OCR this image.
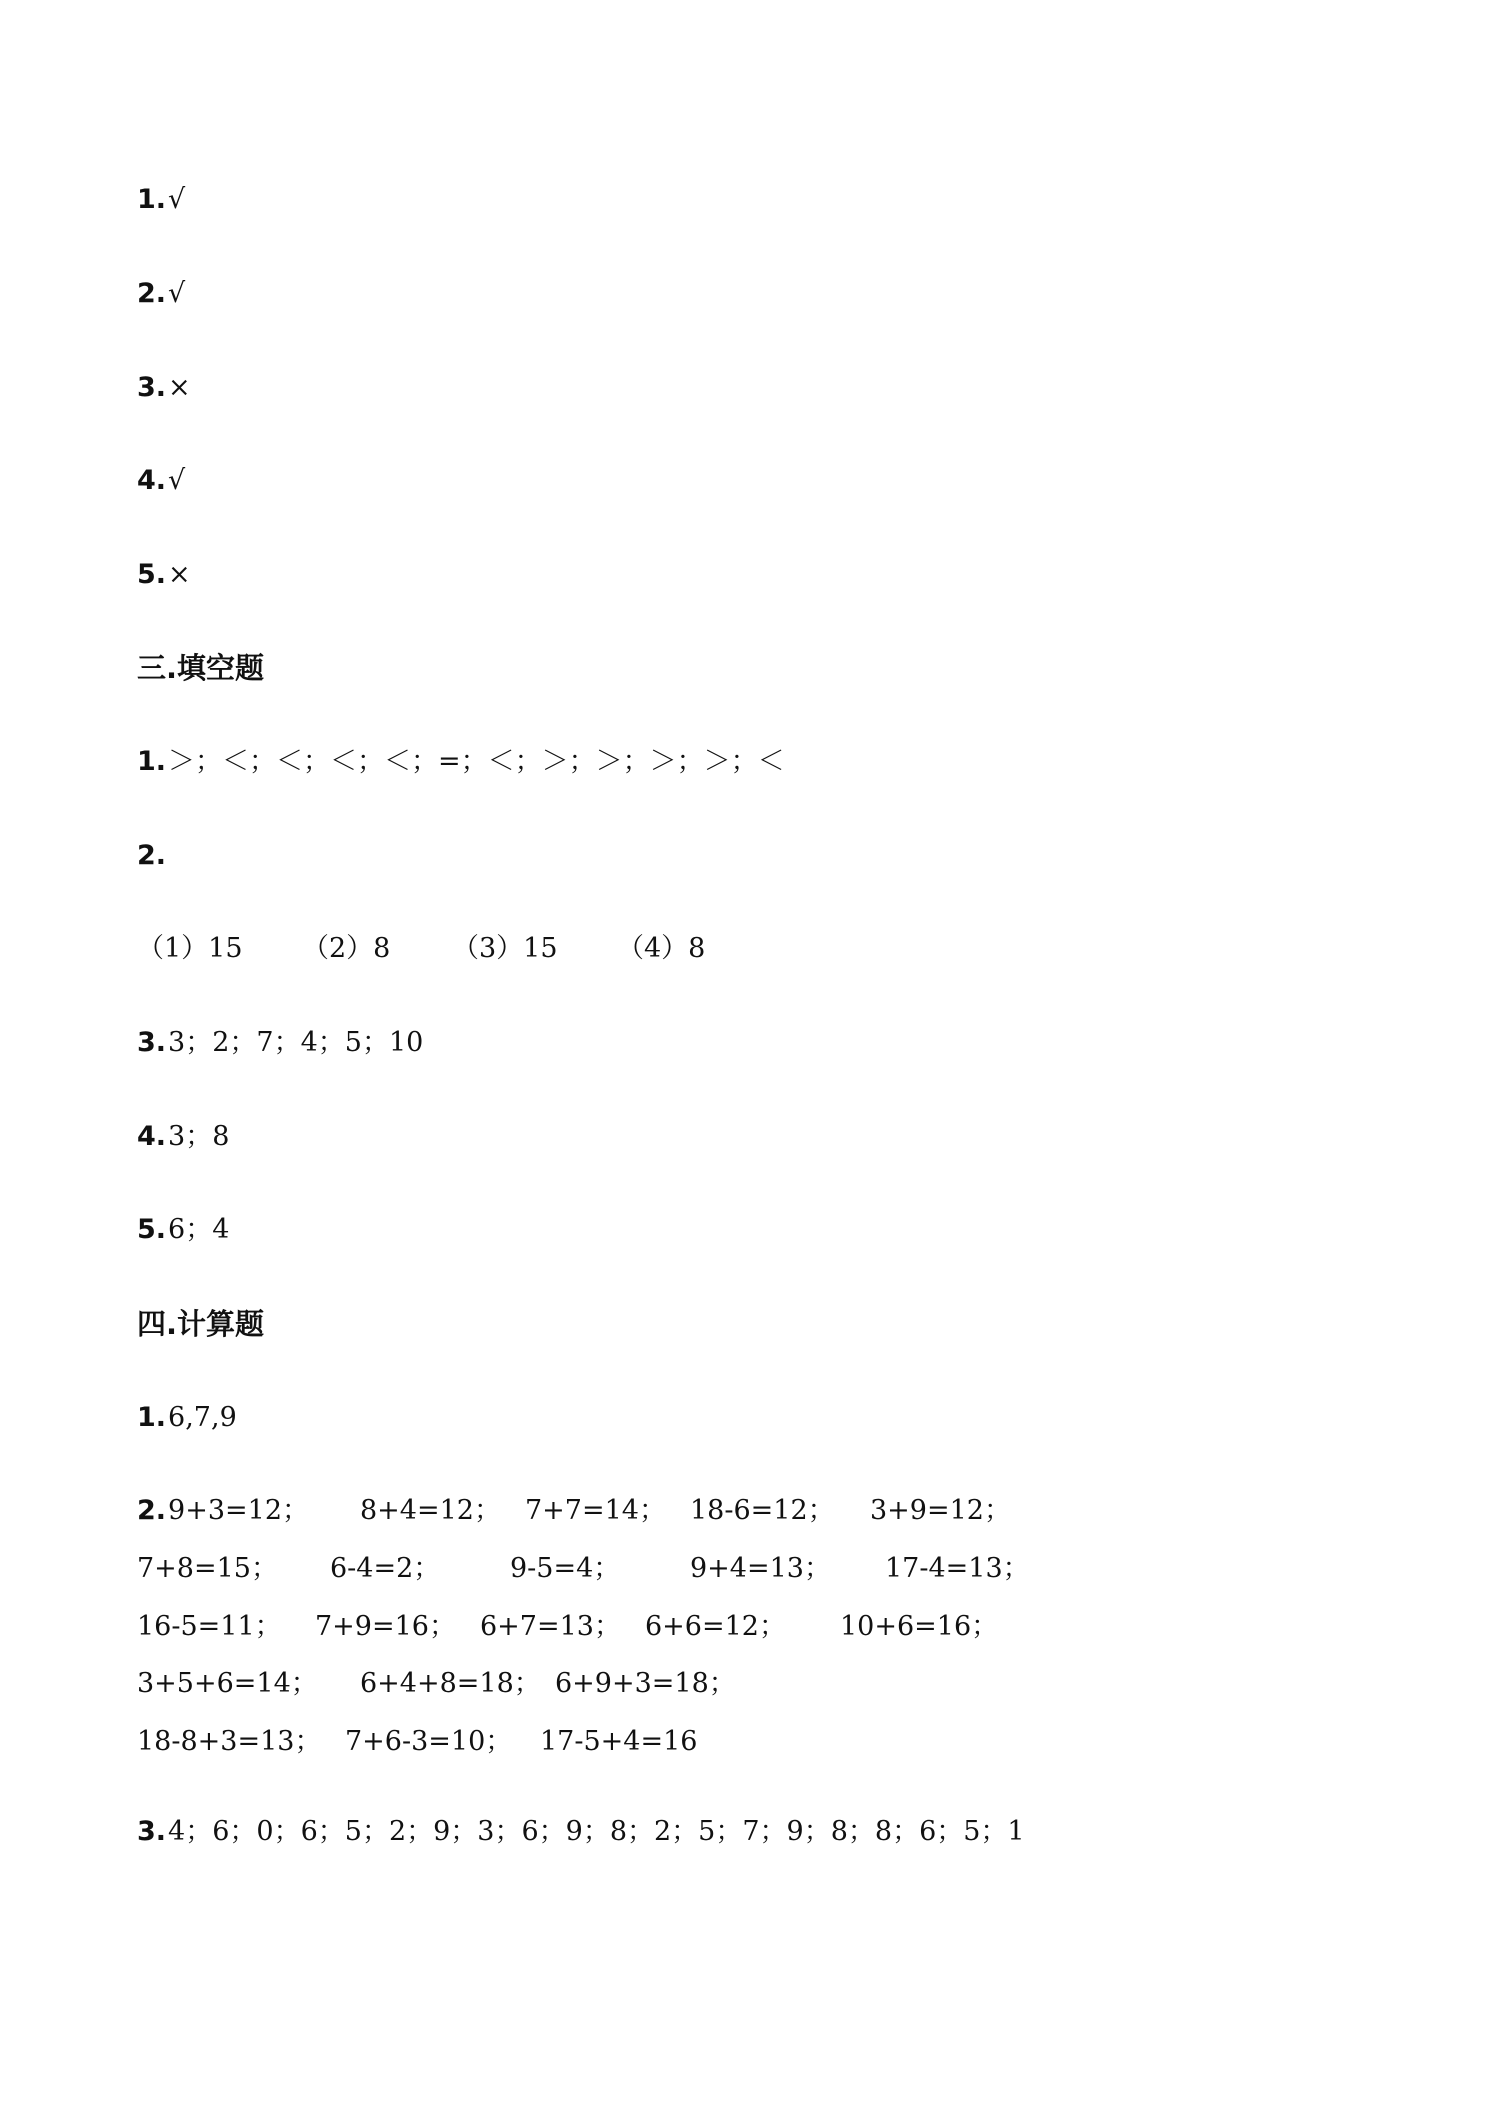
1.√
2.√
3.×
4.√
5.×
三.填空题
1.＞；＜；＜；＜；＜；=；＜；＞；＞；＞；＞；＜
2.
（1）15 （2）8 （3）15 （4）8
3.3；2；7；4；5；10
4.3；8
5.6；4
四.计算题
1.6,7,9
2.9+3=12； 8+4=12； 7+7=14； 18-6=12； 3+9=12；
7+8=15； 6-4=2；	9-5=4；	9+4=13； 17-4=13；
16-5=11； 7+9=16； 6+7=13； 6+6=12； 10+6=16；
3+5+6=14； 6+4+8=18； 6+9+3=18；
18-8+3=13； 7+6-3=10； 17-5+4=16
3.4；6；0；6；5；2；9；3；6；9；8；2；5；7；9；8；8；6；5；1
